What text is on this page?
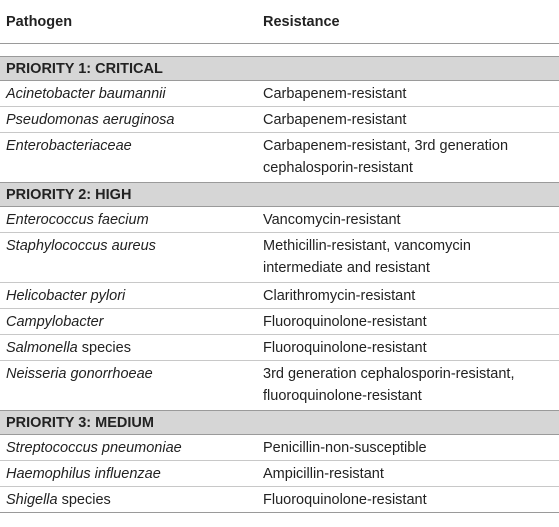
Pathogen	Resistance
PRIORITY 1: CRITICAL
Acinetobacter baumannii	Carbapenem-resistant
Pseudomonas aeruginosa	Carbapenem-resistant
Enterobacteriaceae	Carbapenem-resistant, 3rd generation cephalosporin-resistant
PRIORITY 2: HIGH
Enterococcus faecium	Vancomycin-resistant
Staphylococcus aureus	Methicillin-resistant, vancomycin intermediate and resistant
Helicobacter pylori	Clarithromycin-resistant
Campylobacter	Fluoroquinolone-resistant
Salmonella species	Fluoroquinolone-resistant
Neisseria gonorrhoeae	3rd generation cephalosporin-resistant, fluoroquinolone-resistant
PRIORITY 3: MEDIUM
Streptococcus pneumoniae	Penicillin-non-susceptible
Haemophilus influenzae	Ampicillin-resistant
Shigella species	Fluoroquinolone-resistant
